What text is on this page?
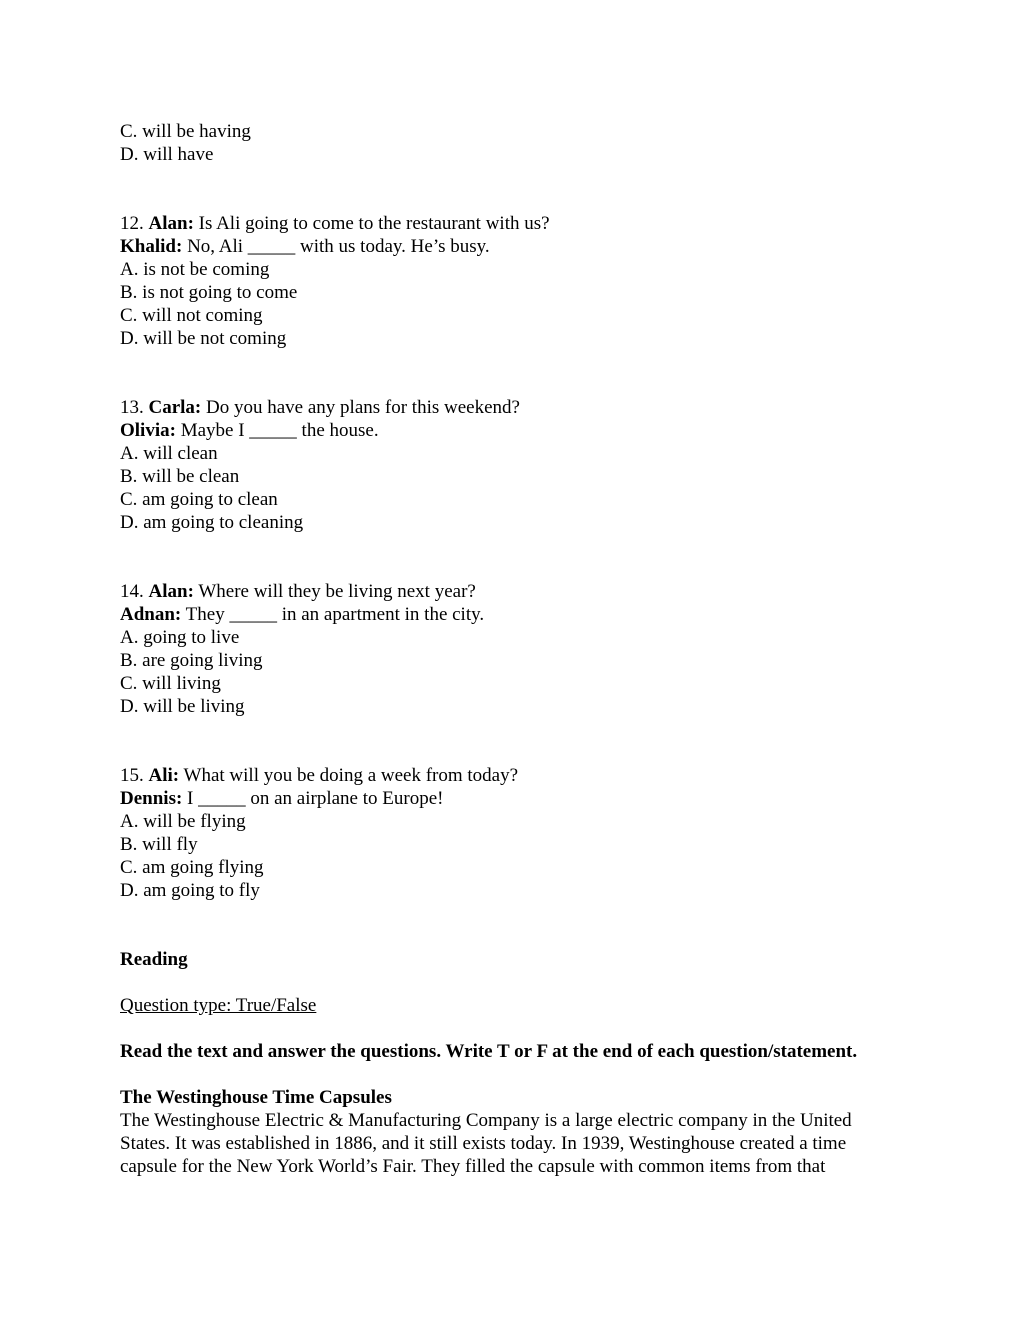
C. will be having
D. will have
12. Alan: Is Ali going to come to the restaurant with us?
Khalid: No, Ali _____ with us today. He’s busy.
A. is not be coming
B. is not going to come
C. will not coming
D. will be not coming
13. Carla: Do you have any plans for this weekend?
Olivia: Maybe I _____ the house.
A. will clean
B. will be clean
C. am going to clean
D. am going to cleaning
14. Alan: Where will they be living next year?
Adnan: They _____ in an apartment in the city.
A. going to live
B. are going living
C. will living
D. will be living
15. Ali: What will you be doing a week from today?
Dennis: I _____ on an airplane to Europe!
A. will be flying
B. will fly
C. am going flying
D. am going to fly
Reading
Question type: True/False
Read the text and answer the questions. Write T or F at the end of each question/statement.
The Westinghouse Time Capsules
The Westinghouse Electric & Manufacturing Company is a large electric company in the United
States. It was established in 1886, and it still exists today. In 1939, Westinghouse created a time
capsule for the New York World’s Fair. They filled the capsule with common items from that
